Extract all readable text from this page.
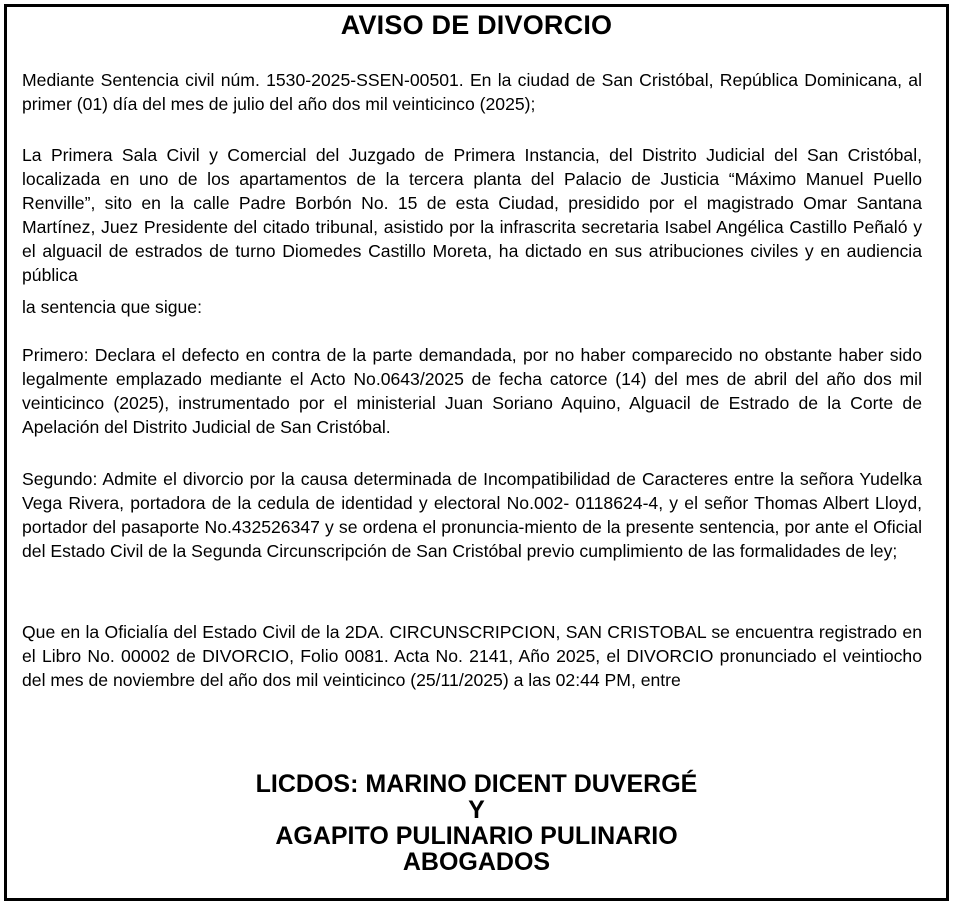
AVISO DE DIVORCIO

Mediante Sentencia civil núm. 1530-2025-SSEN-00501. En la ciudad de San Cristóbal, República Dominicana, al primer (01) día del mes de julio del año dos mil veinticinco (2025);

La Primera Sala Civil y Comercial del Juzgado de Primera Instancia, del Distrito Judicial del San Cristóbal, localizada en uno de los apartamentos de la tercera planta del Palacio de Justicia “Máximo Manuel Puello Renville”, sito en la calle Padre Borbón No. 15 de esta Ciudad, presidido por el magistrado Omar Santana Martínez, Juez Presidente del citado tribunal, asistido por la infrascrita secretaria Isabel Angélica Castillo Peñaló y el alguacil de estrados de turno Diomedes Castillo Moreta, ha dictado en sus atribuciones civiles y en audiencia pública

la sentencia que sigue:

Primero: Declara el defecto en contra de la parte demandada, por no haber comparecido no obstante haber sido legalmente emplazado mediante el Acto No.0643/2025 de fecha catorce (14) del mes de abril del año dos mil veinticinco (2025), instrumentado por el ministerial Juan Soriano Aquino, Alguacil de Estrado de la Corte de Apelación del Distrito Judicial de San Cristóbal.

Segundo: Admite el divorcio por la causa determinada de Incompatibilidad de Caracteres entre la señora Yudelka Vega Rivera, portadora de la cedula de identidad y electoral No.002- 0118624-4, y el señor Thomas Albert Lloyd, portador del pasaporte No.432526347 y se ordena el pronuncia-miento de la presente sentencia, por ante el Oficial del Estado Civil de la Segunda Circunscripción de San Cristóbal previo cumplimiento de las formalidades de ley;

Que en la Oficialía del Estado Civil de la 2DA. CIRCUNSCRIPCION, SAN CRISTOBAL se encuentra registrado en el Libro No. 00002 de DIVORCIO, Folio 0081. Acta No. 2141, Año 2025, el DIVORCIO pronunciado el veintiocho del mes de noviembre del año dos mil veinticinco (25/11/2025) a las 02:44 PM, entre

LICDOS: MARINO DICENT DUVERGÉ
Y
AGAPITO PULINARIO PULINARIO
ABOGADOS
